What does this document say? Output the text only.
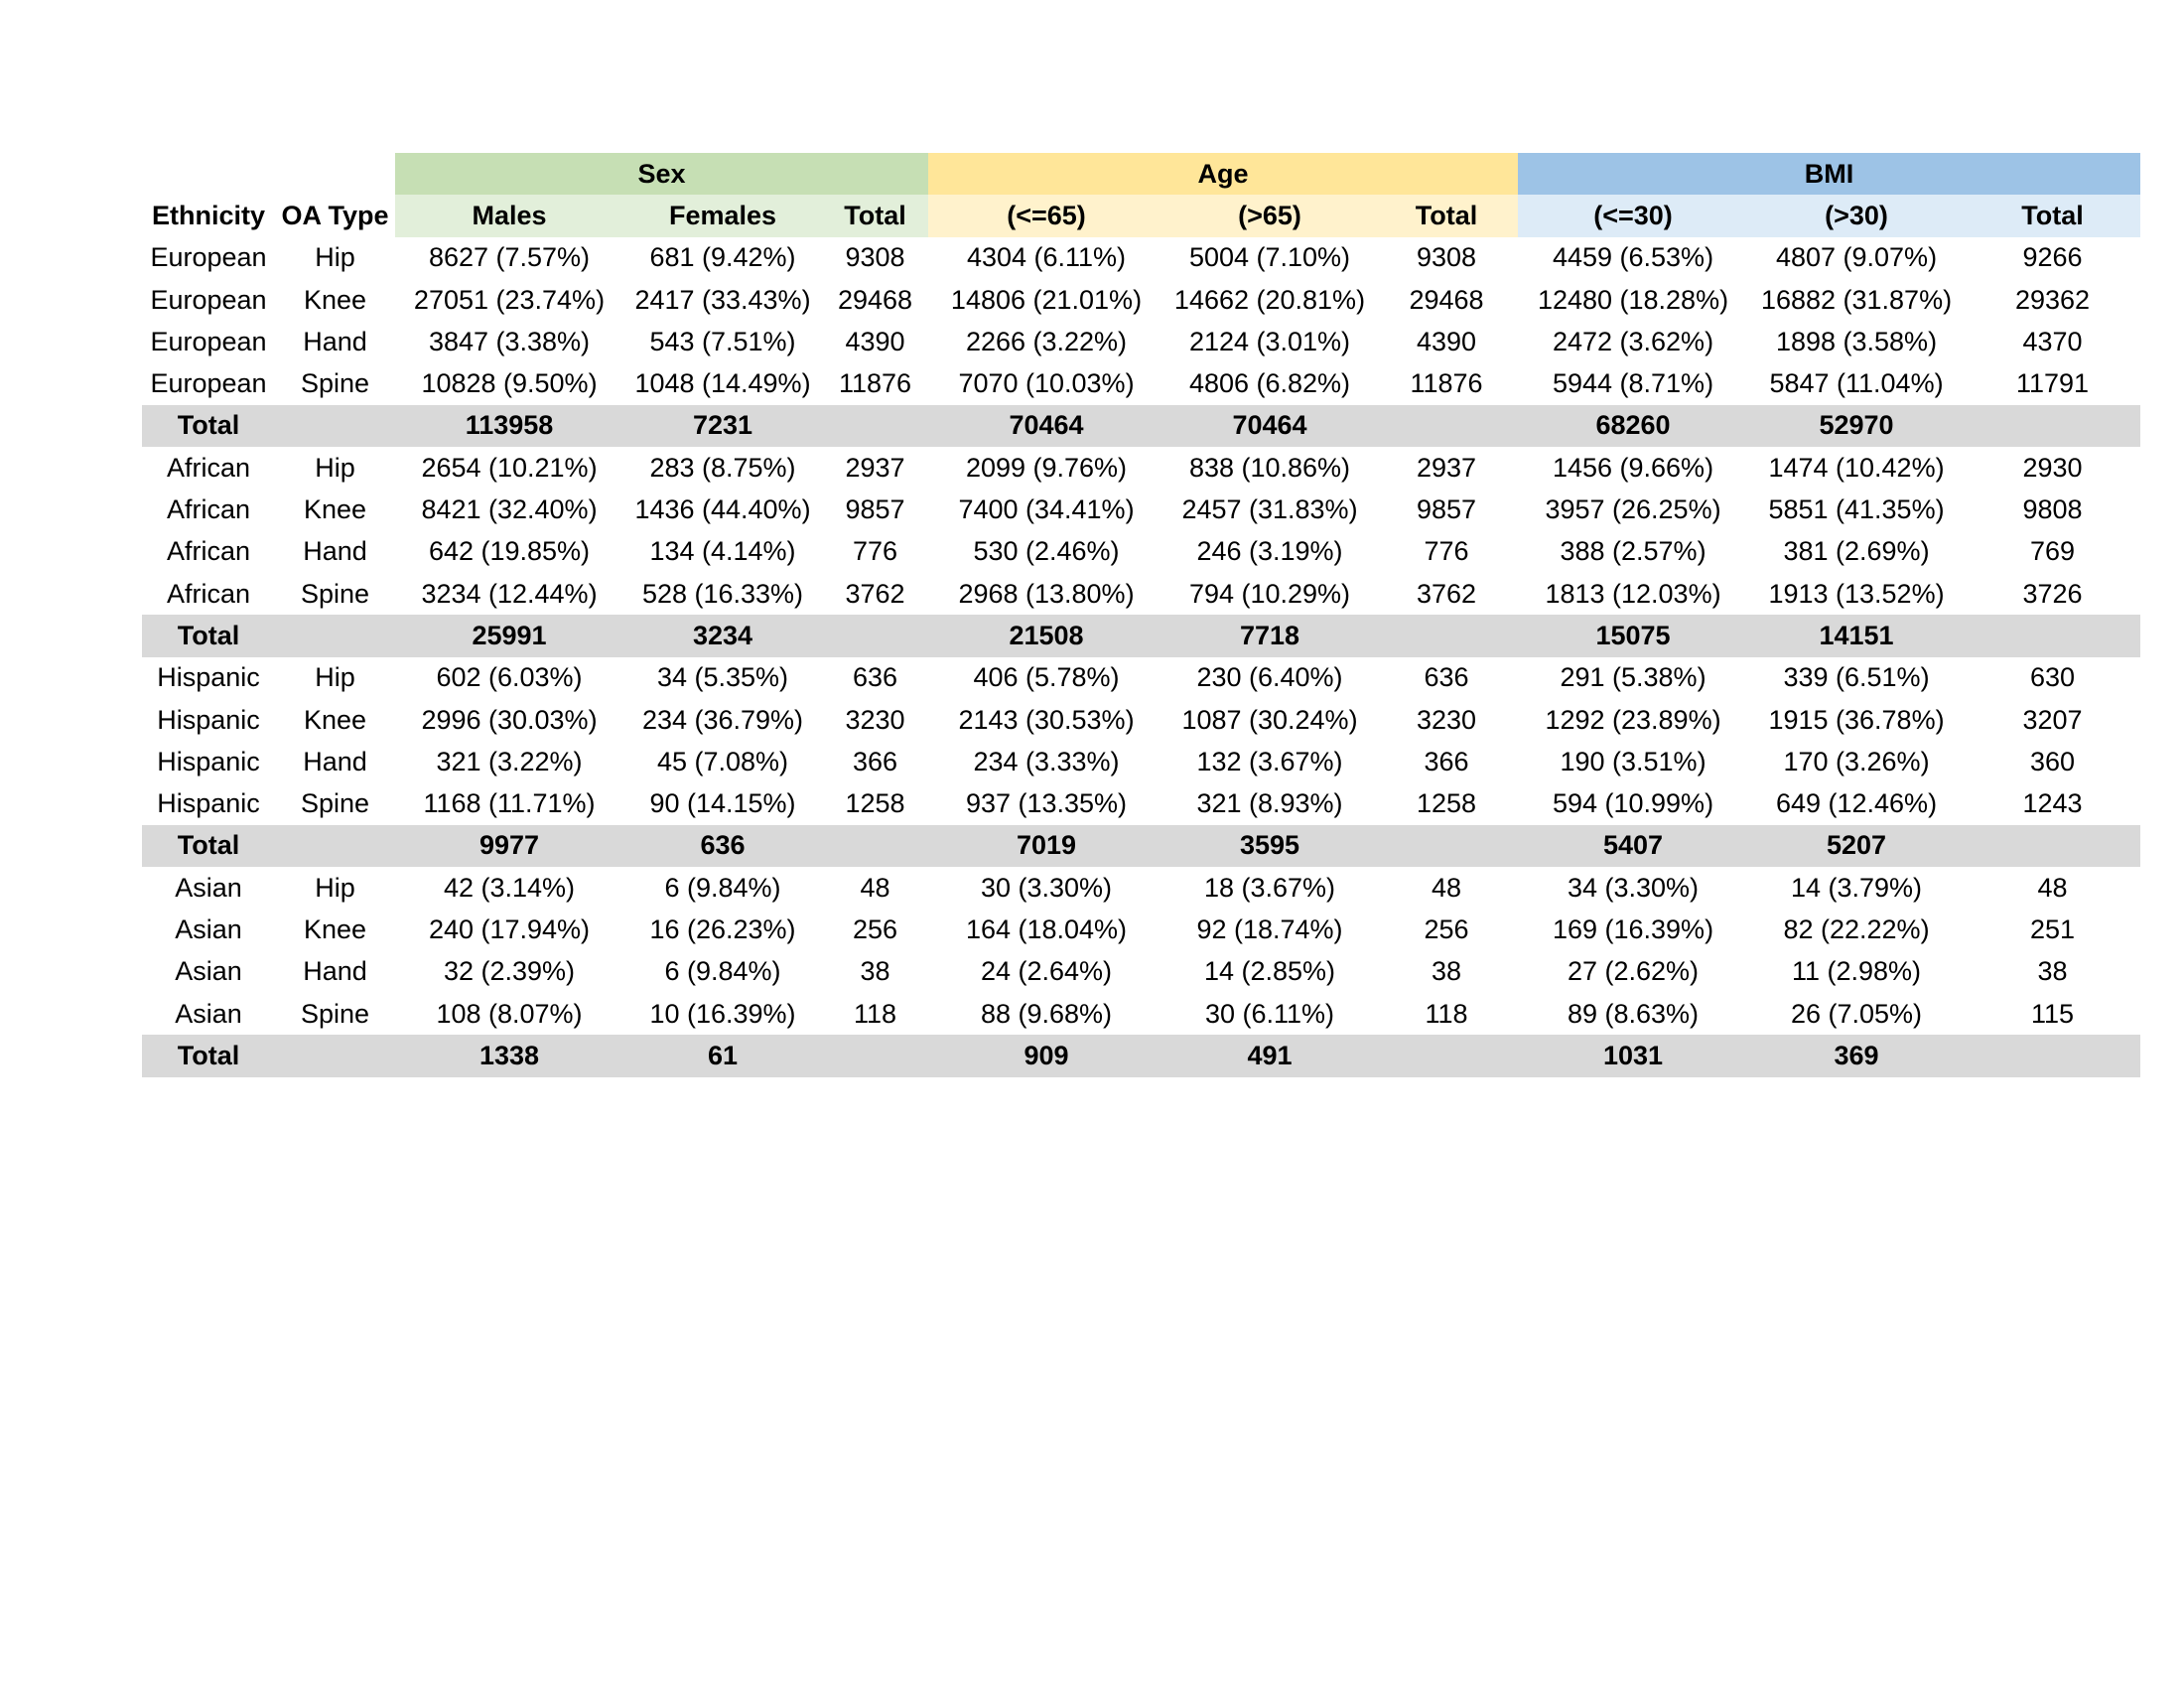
		Sex			Age			BMI		
Ethnicity	OA Type	Males	Females	Total	(<=65)	(>65)	Total	(<=30)	(>30)	Total
European	Hip	8627 (7.57%)	681 (9.42%)	9308	4304 (6.11%)	5004 (7.10%)	9308	4459 (6.53%)	4807 (9.07%)	9266
European	Knee	27051 (23.74%)	2417 (33.43%)	29468	14806 (21.01%)	14662 (20.81%)	29468	12480 (18.28%)	16882 (31.87%)	29362
European	Hand	3847 (3.38%)	543 (7.51%)	4390	2266 (3.22%)	2124 (3.01%)	4390	2472 (3.62%)	1898 (3.58%)	4370
European	Spine	10828 (9.50%)	1048 (14.49%)	11876	7070 (10.03%)	4806 (6.82%)	11876	5944 (8.71%)	5847 (11.04%)	11791
Total		113958	7231		70464	70464		68260	52970	
African	Hip	2654 (10.21%)	283 (8.75%)	2937	2099 (9.76%)	838 (10.86%)	2937	1456 (9.66%)	1474 (10.42%)	2930
African	Knee	8421 (32.40%)	1436 (44.40%)	9857	7400 (34.41%)	2457 (31.83%)	9857	3957 (26.25%)	5851 (41.35%)	9808
African	Hand	642 (19.85%)	134 (4.14%)	776	530 (2.46%)	246 (3.19%)	776	388 (2.57%)	381 (2.69%)	769
African	Spine	3234 (12.44%)	528 (16.33%)	3762	2968 (13.80%)	794 (10.29%)	3762	1813 (12.03%)	1913 (13.52%)	3726
Total		25991	3234		21508	7718		15075	14151	
Hispanic	Hip	602 (6.03%)	34 (5.35%)	636	406 (5.78%)	230 (6.40%)	636	291 (5.38%)	339 (6.51%)	630
Hispanic	Knee	2996 (30.03%)	234 (36.79%)	3230	2143 (30.53%)	1087 (30.24%)	3230	1292 (23.89%)	1915 (36.78%)	3207
Hispanic	Hand	321 (3.22%)	45 (7.08%)	366	234 (3.33%)	132 (3.67%)	366	190 (3.51%)	170 (3.26%)	360
Hispanic	Spine	1168 (11.71%)	90 (14.15%)	1258	937 (13.35%)	321 (8.93%)	1258	594 (10.99%)	649 (12.46%)	1243
Total		9977	636		7019	3595		5407	5207	
Asian	Hip	42 (3.14%)	6 (9.84%)	48	30 (3.30%)	18 (3.67%)	48	34 (3.30%)	14 (3.79%)	48
Asian	Knee	240 (17.94%)	16 (26.23%)	256	164 (18.04%)	92 (18.74%)	256	169 (16.39%)	82 (22.22%)	251
Asian	Hand	32 (2.39%)	6 (9.84%)	38	24 (2.64%)	14 (2.85%)	38	27 (2.62%)	11 (2.98%)	38
Asian	Spine	108 (8.07%)	10 (16.39%)	118	88 (9.68%)	30 (6.11%)	118	89 (8.63%)	26 (7.05%)	115
Total		1338	61		909	491		1031	369	
